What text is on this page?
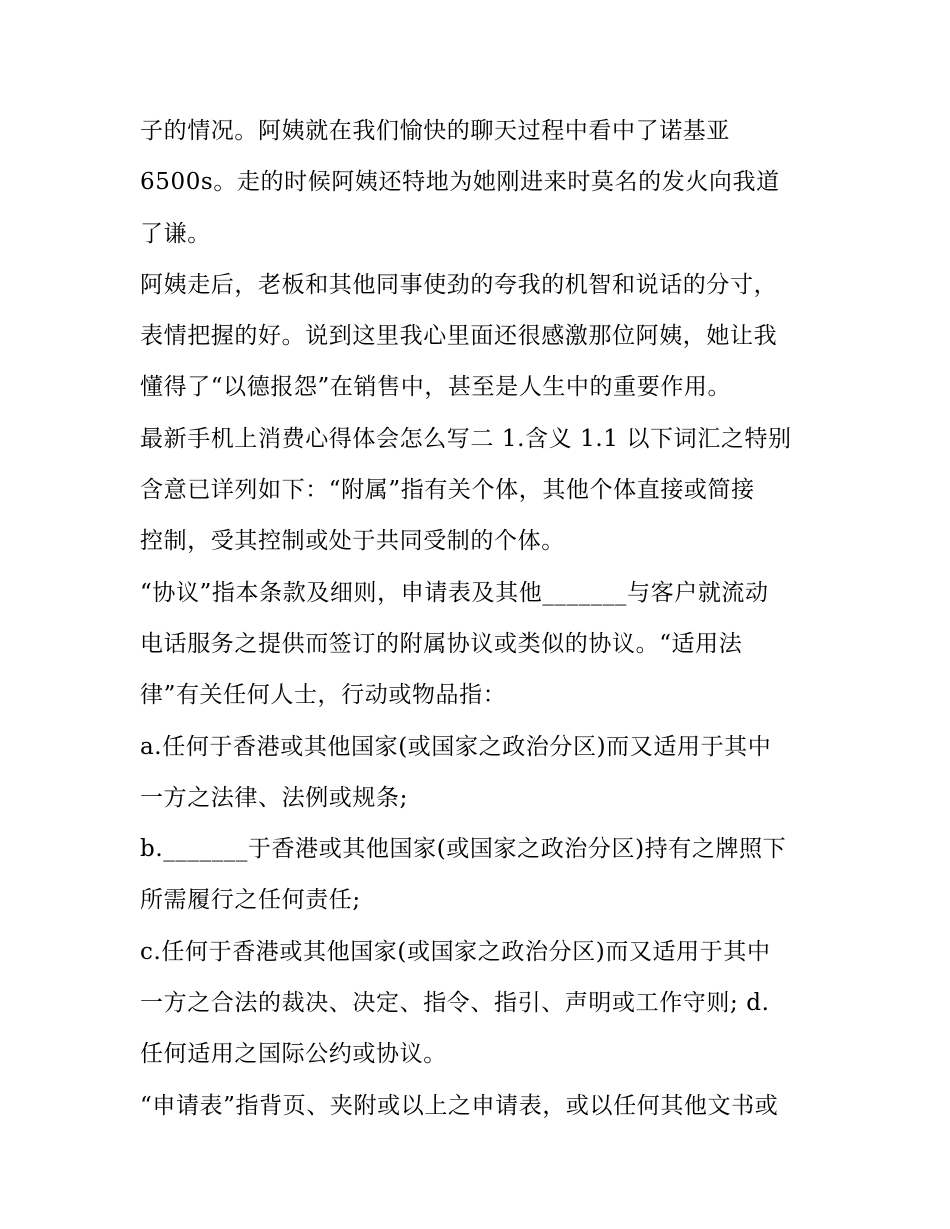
子的情况。阿姨就在我们愉快的聊天过程中看中了诺基亚
6500s。走的时候阿姨还特地为她刚进来时莫名的发火向我道
了谦。
阿姨走后，老板和其他同事使劲的夸我的机智和说话的分寸，
表情把握的好。说到这里我心里面还很感激那位阿姨，她让我
懂得了“以德报怨”在销售中，甚至是人生中的重要作用。
最新手机上消费心得体会怎么写二 1.含义 1.1 以下词汇之特别
含意已详列如下：“附属”指有关个体，其他个体直接或简接
控制，受其控制或处于共同受制的个体。
“协议”指本条款及细则，申请表及其他_______与客户就流动
电话服务之提供而签订的附属协议或类似的协议。“适用法
律”有关任何人士，行动或物品指：
a.任何于香港或其他国家(或国家之政治分区)而又适用于其中
一方之法律、法例或规条;
b._______于香港或其他国家(或国家之政治分区)持有之牌照下
所需履行之任何责任;
c.任何于香港或其他国家(或国家之政治分区)而又适用于其中
一方之合法的裁决、决定、指令、指引、声明或工作守则; d.
任何适用之国际公约或协议。
“申请表”指背页、夹附或以上之申请表，或以任何其他文书或
